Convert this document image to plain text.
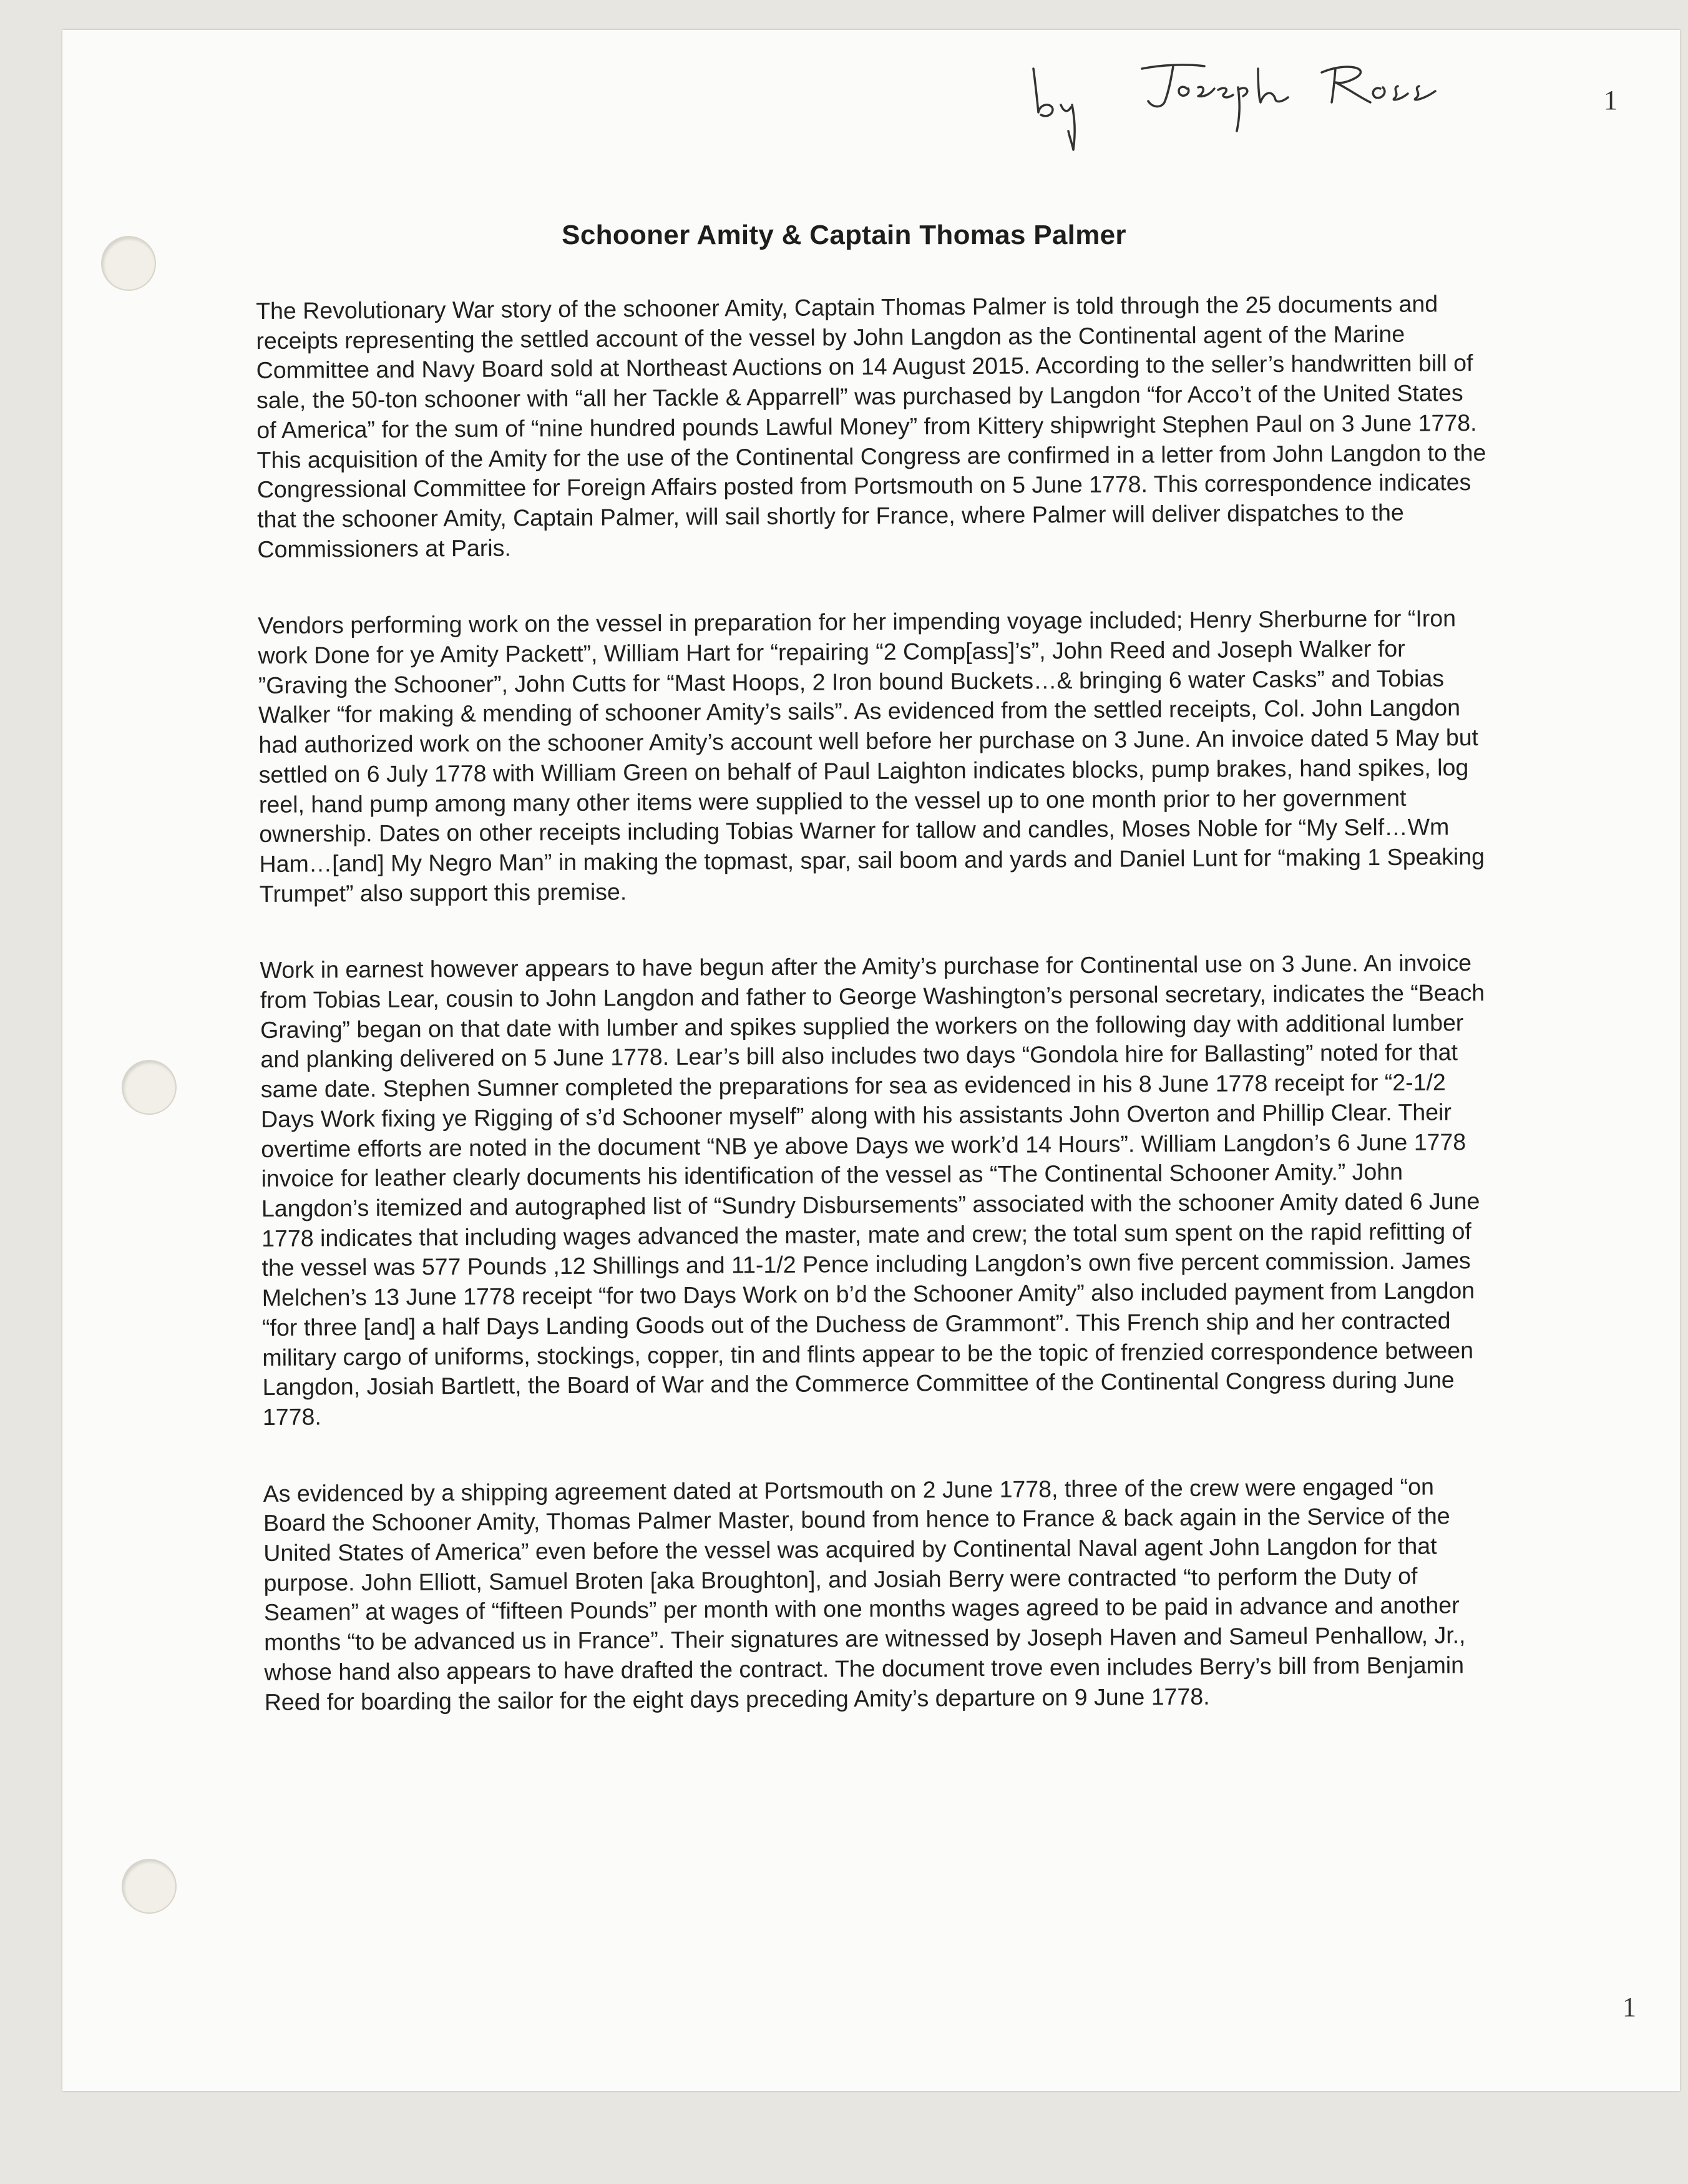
1
1
Schooner Amity & Captain Thomas Palmer

The Revolutionary War story of the schooner Amity, Captain Thomas Palmer is told through the 25 documents and receipts representing the settled account of the vessel by John Langdon as the Continental agent of the Marine Committee and Navy Board sold at Northeast Auctions on 14 August 2015. According to the seller’s handwritten bill of sale, the 50-ton schooner with “all her Tackle & Apparrell” was purchased by Langdon “for Acco’t of the United States of America” for the sum of “nine hundred pounds Lawful Money” from Kittery shipwright Stephen Paul on 3 June 1778. This acquisition of the Amity for the use of the Continental Congress are confirmed in a letter from John Langdon to the Congressional Committee for Foreign Affairs posted from Portsmouth on 5 June 1778. This correspondence indicates that the schooner Amity, Captain Palmer, will sail shortly for France, where Palmer will deliver dispatches to the Commissioners at Paris.

Vendors performing work on the vessel in preparation for her impending voyage included; Henry Sherburne for “Iron work Done for ye Amity Packett”, William Hart for “repairing “2 Comp[ass]’s”, John Reed and Joseph Walker for ”Graving the Schooner”, John Cutts for “Mast Hoops, 2 Iron bound Buckets…& bringing 6 water Casks” and Tobias Walker “for making & mending of schooner Amity’s sails”. As evidenced from the settled receipts, Col. John Langdon had authorized work on the schooner Amity’s account well before her purchase on 3 June. An invoice dated 5 May but settled on 6 July 1778 with William Green on behalf of Paul Laighton indicates blocks, pump brakes, hand spikes, log reel, hand pump among many other items were supplied to the vessel up to one month prior to her government ownership. Dates on other receipts including Tobias Warner for tallow and candles, Moses Noble for “My Self…Wm Ham…[and] My Negro Man” in making the topmast, spar, sail boom and yards and Daniel Lunt for “making 1 Speaking Trumpet” also support this premise.

Work in earnest however appears to have begun after the Amity’s purchase for Continental use on 3 June. An invoice from Tobias Lear, cousin to John Langdon and father to George Washington’s personal secretary, indicates the “Beach Graving” began on that date with lumber and spikes supplied the workers on the following day with additional lumber and planking delivered on 5 June 1778. Lear’s bill also includes two days “Gondola hire for Ballasting” noted for that same date. Stephen Sumner completed the preparations for sea as evidenced in his 8 June 1778 receipt for “2-1/2 Days Work fixing ye Rigging of s’d Schooner myself” along with his assistants John Overton and Phillip Clear. Their overtime efforts are noted in the document “NB ye above Days we work’d 14 Hours”. William Langdon’s 6 June 1778 invoice for leather clearly documents his identification of the vessel as “The Continental Schooner Amity.” John Langdon’s itemized and autographed list of “Sundry Disbursements” associated with the schooner Amity dated 6 June 1778 indicates that including wages advanced the master, mate and crew; the total sum spent on the rapid refitting of the vessel was 577 Pounds ,12 Shillings and 11-1/2 Pence including Langdon’s own five percent commission. James Melchen’s 13 June 1778 receipt “for two Days Work on b’d the Schooner Amity” also included payment from Langdon “for three [and] a half Days Landing Goods out of the Duchess de Grammont”. This French ship and her contracted military cargo of uniforms, stockings, copper, tin and flints appear to be the topic of frenzied correspondence between Langdon, Josiah Bartlett, the Board of War and the Commerce Committee of the Continental Congress during June 1778.

As evidenced by a shipping agreement dated at Portsmouth on 2 June 1778, three of the crew were engaged “on Board the Schooner Amity, Thomas Palmer Master, bound from hence to France & back again in the Service of the United States of America” even before the vessel was acquired by Continental Naval agent John Langdon for that purpose. John Elliott, Samuel Broten [aka Broughton], and Josiah Berry were contracted “to perform the Duty of Seamen” at wages of “fifteen Pounds” per month with one months wages agreed to be paid in advance and another months “to be advanced us in France”. Their signatures are witnessed by Joseph Haven and Sameul Penhallow, Jr., whose hand also appears to have drafted the contract. The document trove even includes Berry’s bill from Benjamin Reed for boarding the sailor for the eight days preceding Amity’s departure on 9 June 1778.
